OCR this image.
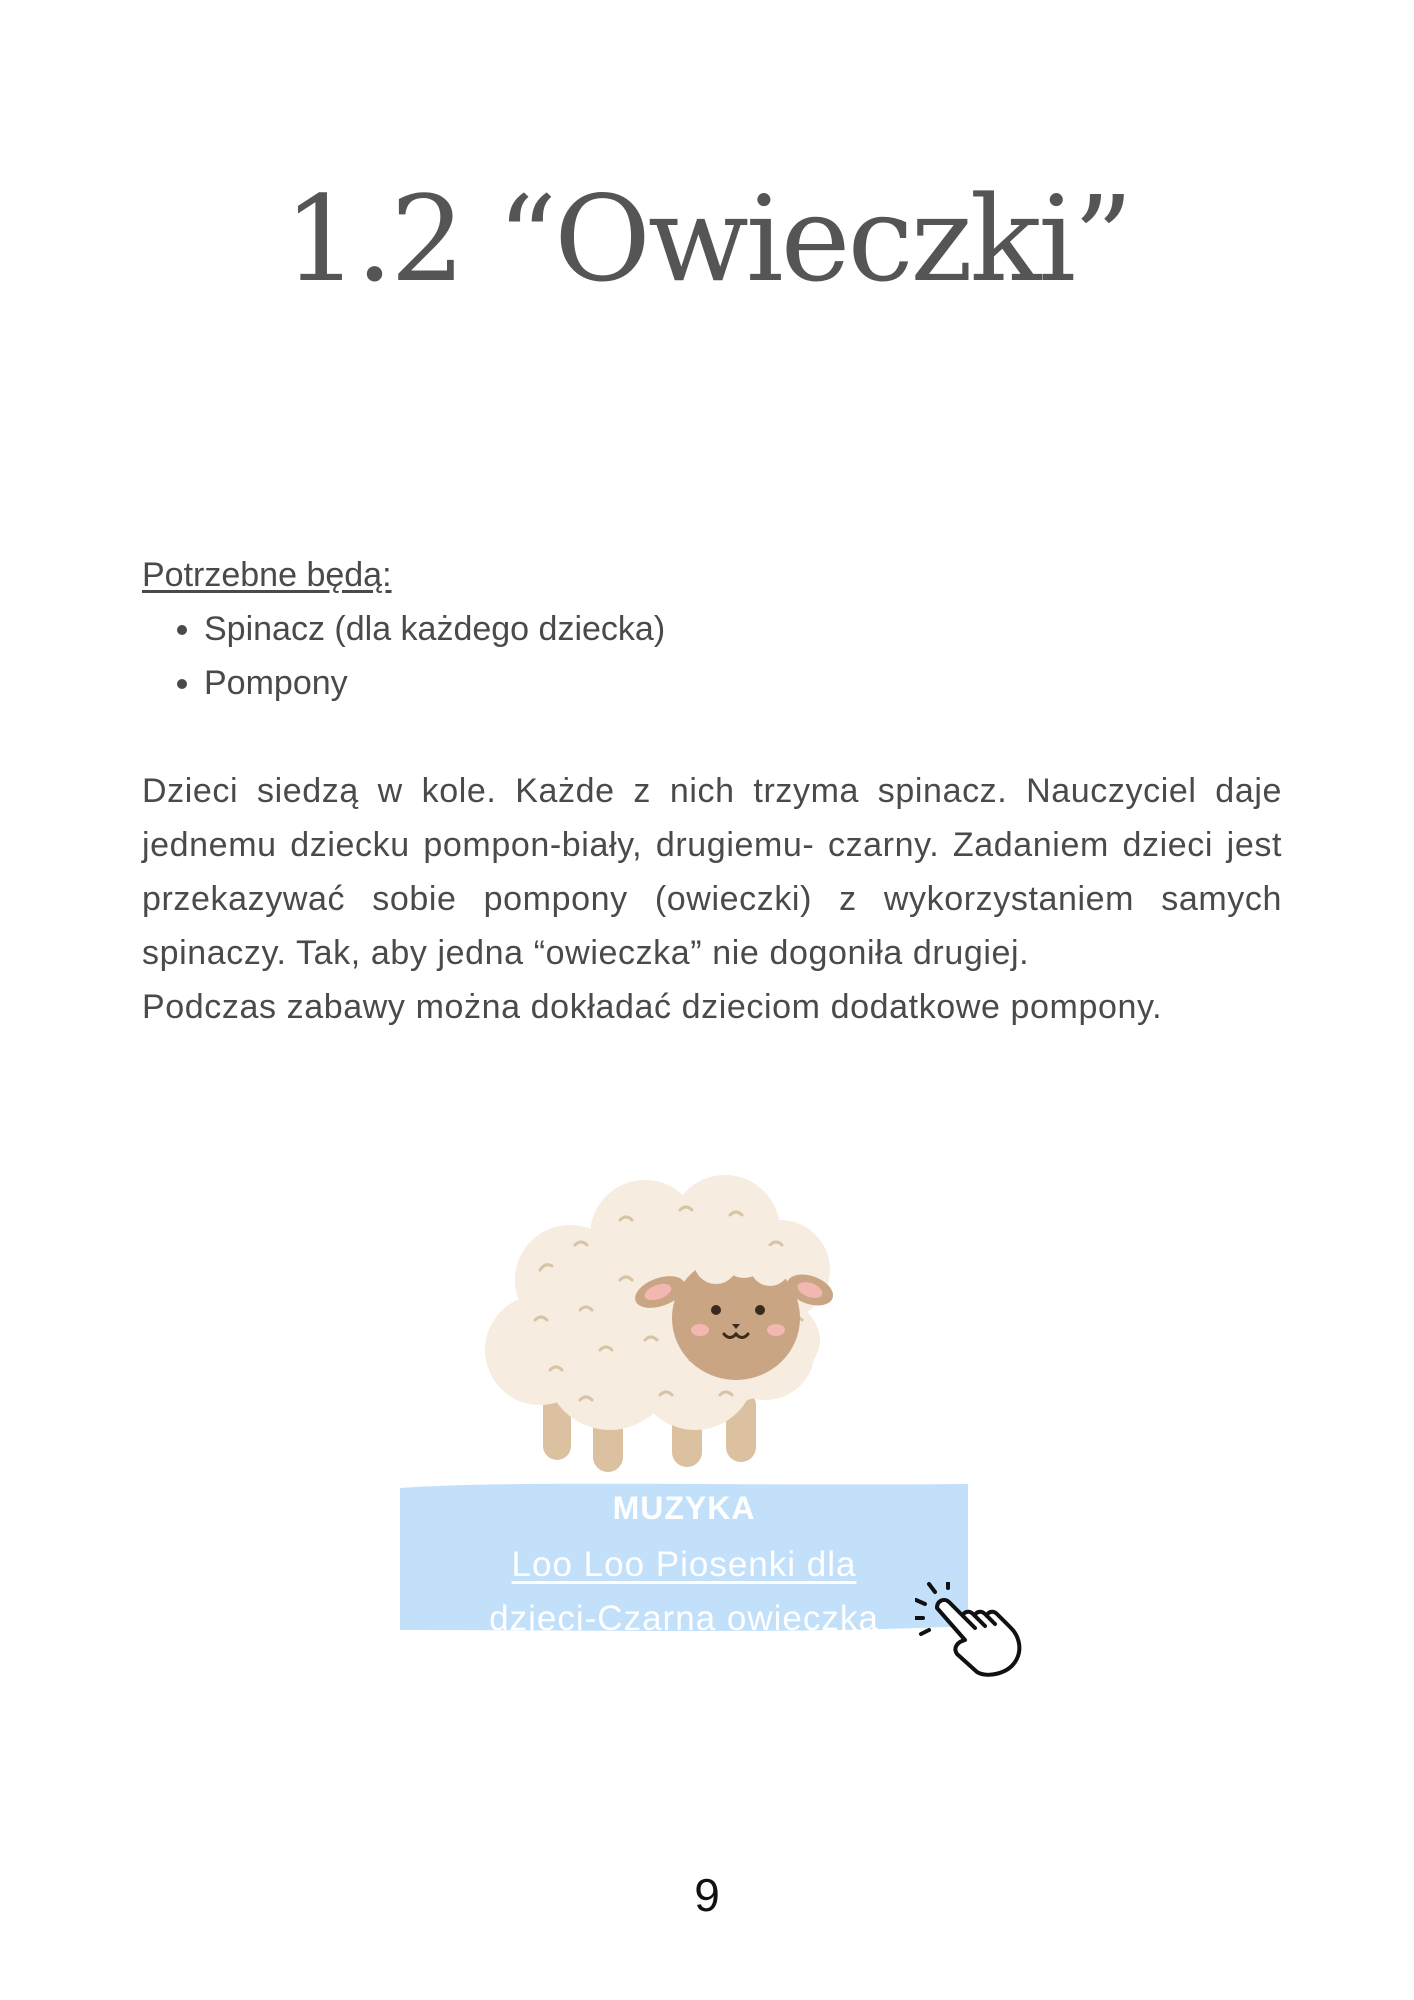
1.2 “Owieczki”
Potrzebne będą:
• Spinacz (dla każdego dziecka)
• Pompony

Dzieci siedzą w kole. Każde z nich trzyma spinacz. Nauczyciel daje jednemu dziecku pompon-biały, drugiemu- czarny. Zadaniem dzieci jest przekazywać sobie pompony (owieczki) z wykorzystaniem samych spinaczy. Tak, aby jedna “owieczka” nie dogoniła drugiej.

Podczas zabawy można dokładać dzieciom dodatkowe pompony.

MUZYKA
Loo Loo Piosenki dla
dzieci-Czarna owieczka
9
